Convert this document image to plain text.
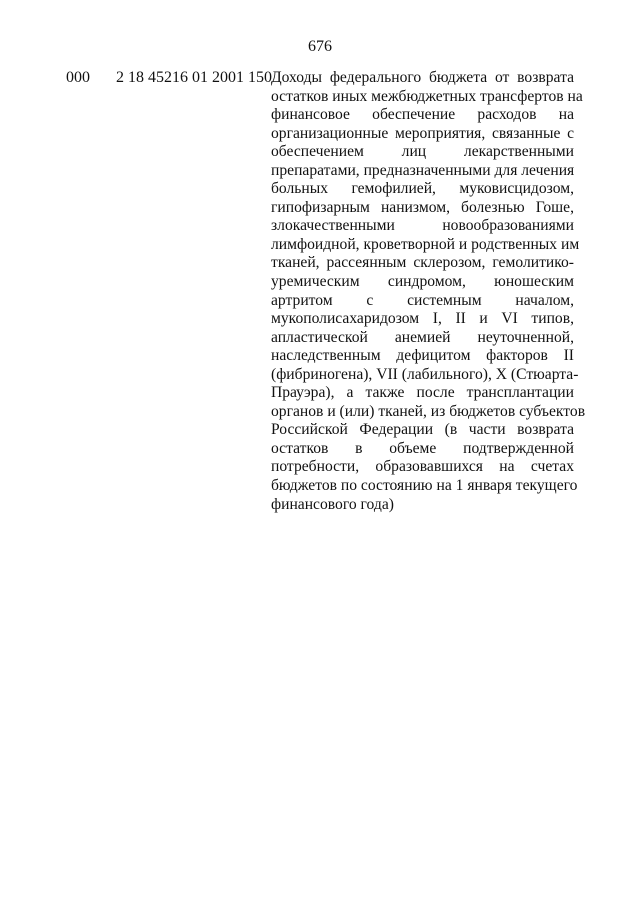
676
000 2 18 45216 01 2001 150 Доходы федерального бюджета от возврата
остатков иных межбюджетных трансфертов на
финансовое обеспечение расходов на
организационные мероприятия, связанные с
обеспечением лиц лекарственными
препаратами, предназначенными для лечения
больных гемофилией, муковисцидозом,
гипофизарным нанизмом, болезнью Гоше,
злокачественными новообразованиями
лимфоидной, кроветворной и родственных им
тканей, рассеянным склерозом, гемолитико-
уремическим синдромом, юношеским
артритом с системным началом,
мукополисахаридозом I, II и VI типов,
апластической анемией неуточненной,
наследственным дефицитом факторов II
(фибриногена), VII (лабильного), X (Стюарта-
Прауэра), а также после трансплантации
органов и (или) тканей, из бюджетов субъектов
Российской Федерации (в части возврата
остатков в объеме подтвержденной
потребности, образовавшихся на счетах
бюджетов по состоянию на 1 января текущего
финансового года)
